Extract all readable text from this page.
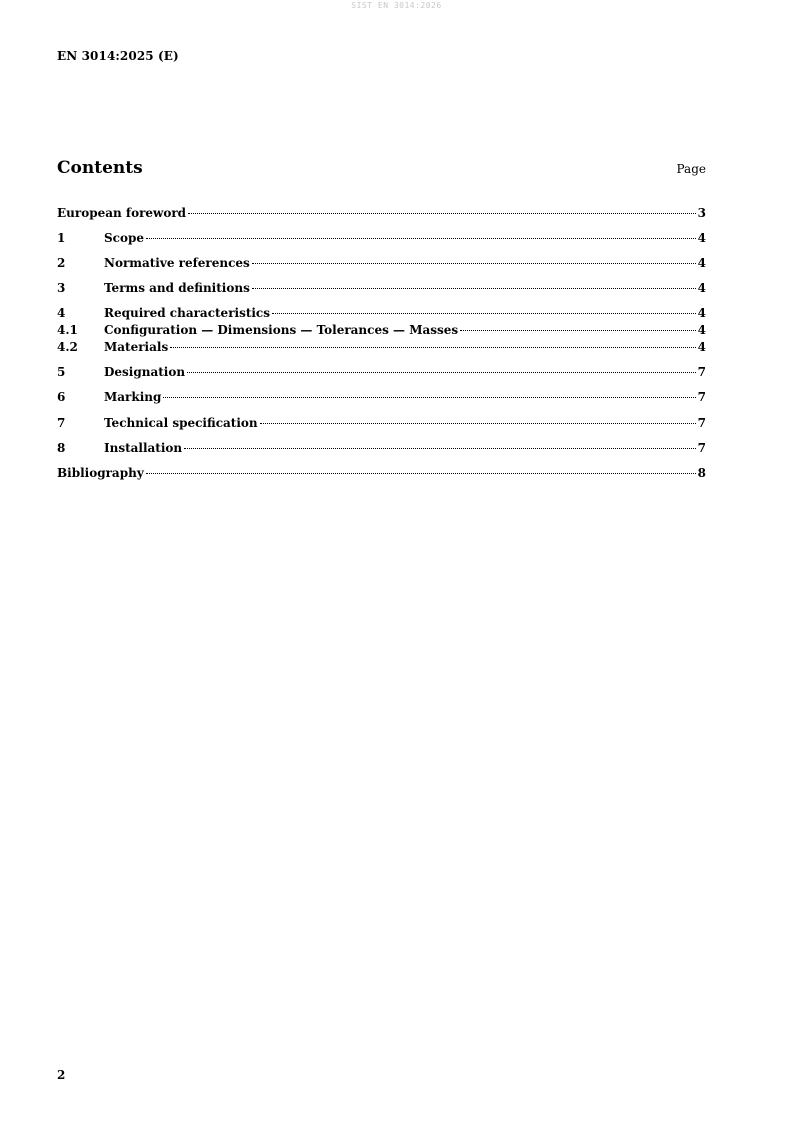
SIST EN 3014:2026
EN 3014:2025 (E)
Contents	Page
European foreword	3
1	Scope	4
2	Normative references	4
3	Terms and definitions	4
4	Required characteristics	4
4.1	Configuration — Dimensions — Tolerances — Masses	4
4.2	Materials	4
5	Designation	7
6	Marking	7
7	Technical specification	7
8	Installation	7
Bibliography	8
2
